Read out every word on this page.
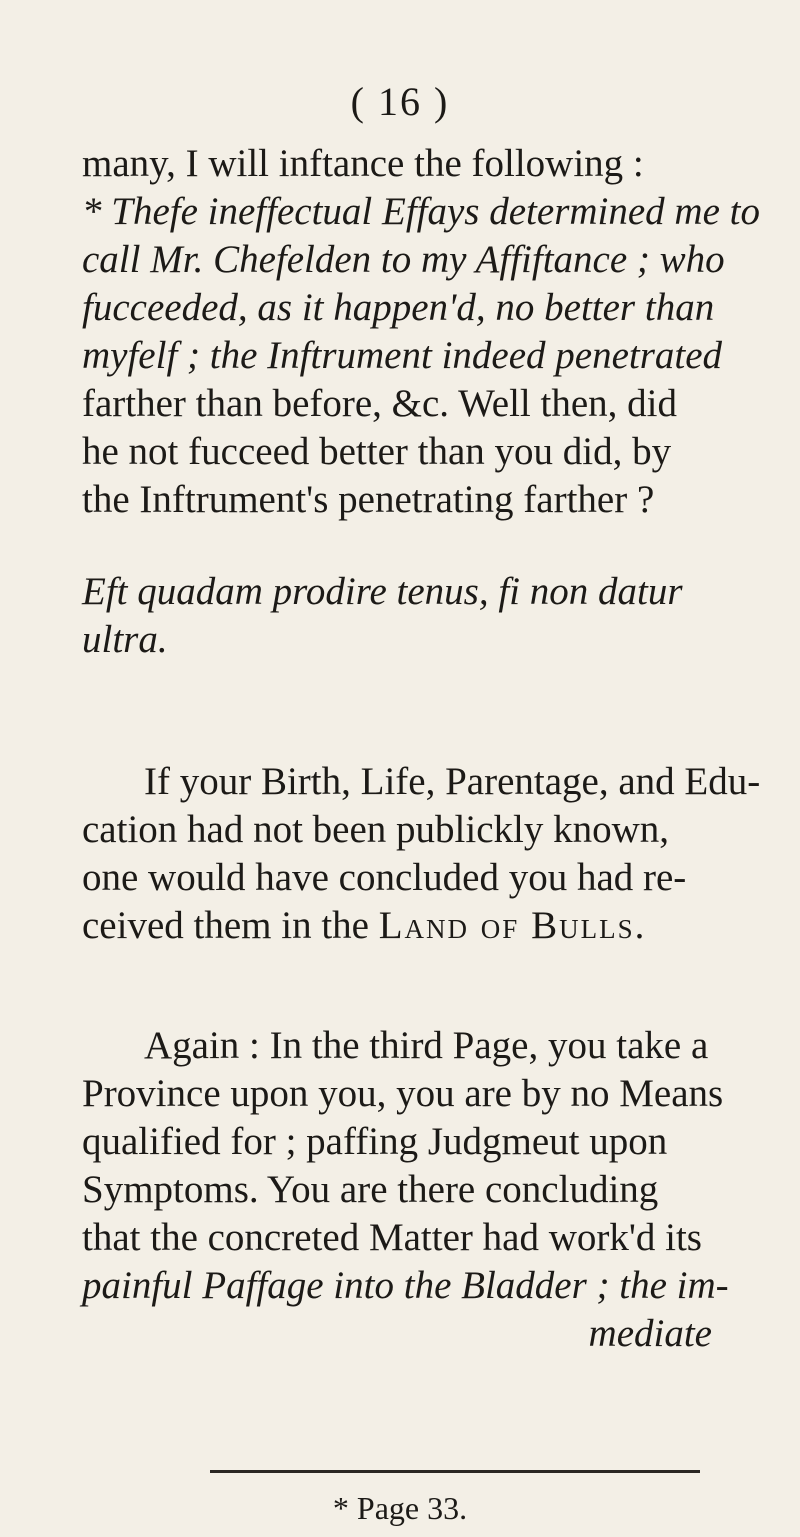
( 16 )
many, I will inftance the following :
* Thefe ineffectual Effays determined me to
call Mr. Chefelden to my Affiftance ; who
fucceeded, as it happen'd, no better than
myfelf ; the Inftrument indeed penetrated
farther than before, &c. Well then, did
he not fucceed better than you did, by
the Inftrument's penetrating farther ?
Eft quadam prodire tenus, fi non datur
ultra.
If your Birth, Life, Parentage, and Edu-
cation had not been publickly known,
one would have concluded you had re-
ceived them in the Land of Bulls.
Again : In the third Page, you take a
Province upon you, you are by no Means
qualified for ; paffing Judgmeut upon
Symptoms. You are there concluding
that the concreted Matter had work'd its
painful Paffage into the Bladder ; the im-
mediate
* Page 33.
